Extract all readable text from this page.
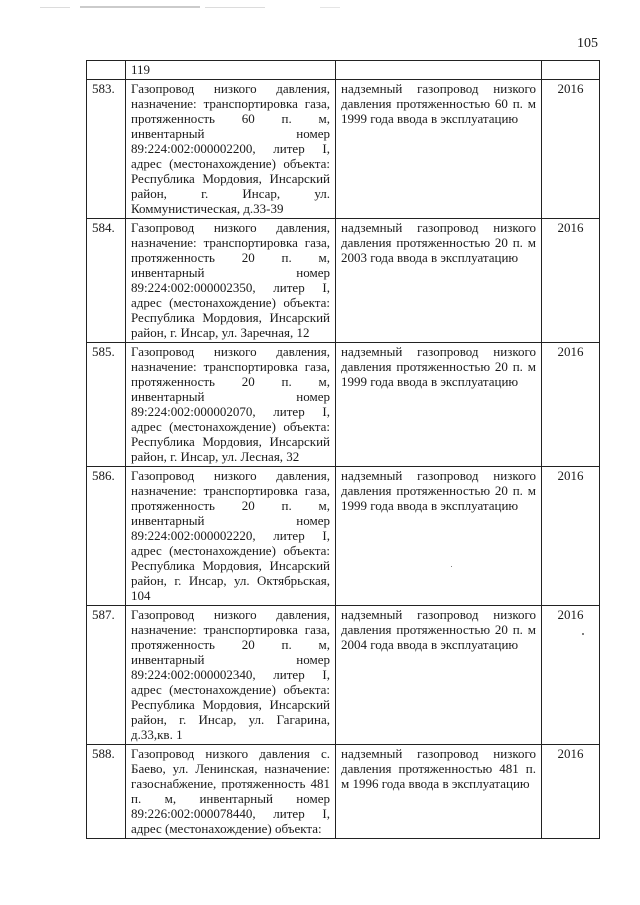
105
	119		
583.	Газопровод низкого давления, назначение: транспортировка газа, протяженность 60 п. м, инвентарный номер 89:224:002:000002200, литер I, адрес (местонахождение) объекта: Республика Мордовия, Инсарский район, г. Инсар, ул. Коммунистическая, д.33-39	надземный газопровод низкого давления протяженностью 60 п. м 1999 года ввода в эксплуатацию	2016
584.	Газопровод низкого давления, назначение: транспортировка газа, протяженность 20 п. м, инвентарный номер 89:224:002:000002350, литер I, адрес (местонахождение) объекта: Республика Мордовия, Инсарский район, г. Инсар, ул. Заречная, 12	надземный газопровод низкого давления протяженностью 20 п. м 2003 года ввода в эксплуатацию	2016
585.	Газопровод низкого давления, назначение: транспортировка газа, протяженность 20 п. м, инвентарный номер 89:224:002:000002070, литер I, адрес (местонахождение) объекта: Республика Мордовия, Инсарский район, г. Инсар, ул. Лесная, 32	надземный газопровод низкого давления протяженностью 20 п. м 1999 года ввода в эксплуатацию	2016
586.	Газопровод низкого давления, назначение: транспортировка газа, протяженность 20 п. м, инвентарный номер 89:224:002:000002220, литер I, адрес (местонахождение) объекта: Республика Мордовия, Инсарский район, г. Инсар, ул. Октябрьская, 104	надземный газопровод низкого давления протяженностью 20 п. м 1999 года ввода в эксплуатацию	2016
587.	Газопровод низкого давления, назначение: транспортировка газа, протяженность 20 п. м, инвентарный номер 89:224:002:000002340, литер I, адрес (местонахождение) объекта: Республика Мордовия, Инсарский район, г. Инсар, ул. Гагарина, д.33,кв. 1	надземный газопровод низкого давления протяженностью 20 п. м 2004 года ввода в эксплуатацию	2016
588.	Газопровод низкого давления с. Баево, ул. Ленинская, назначение: газоснабжение, протяженность 481 п. м, инвентарный номер 89:226:002:000078440, литер I, адрес (местонахождение) объекта:	надземный газопровод низкого давления протяженностью 481 п. м 1996 года ввода в эксплуатацию	2016
